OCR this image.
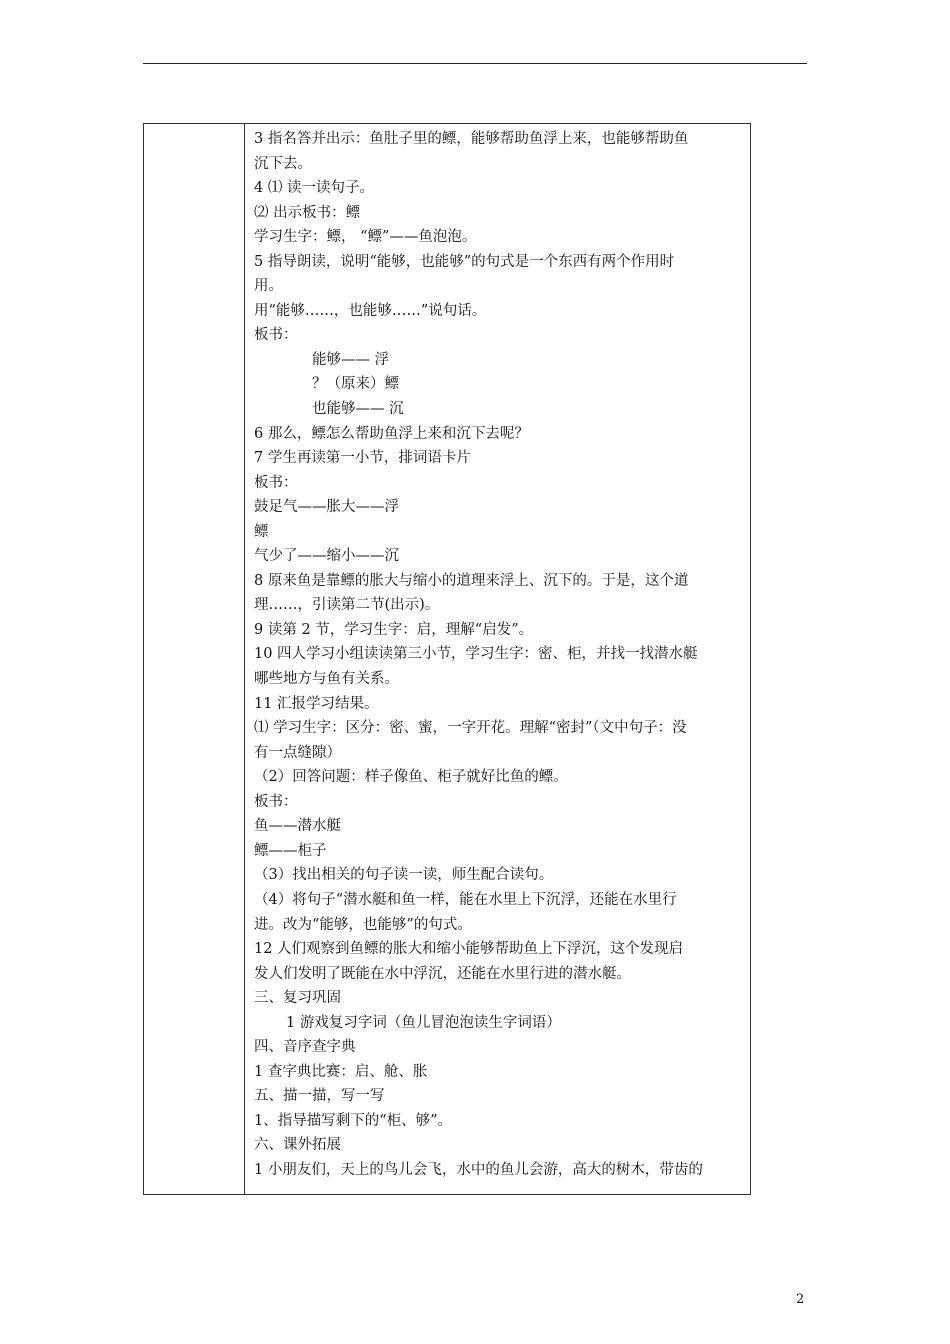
3 指名答并出示：鱼肚子里的鳔，能够帮助鱼浮上来，也能够帮助鱼
沉下去。
4 ⑴ 读一读句子。
⑵ 出示板书：鳔
学习生字：鳔， “鳔”——鱼泡泡。
5 指导朗读，说明“能够，也能够”的句式是一个东西有两个作用时
用。
用“能够……，也能够……”说句话。
板书：
能够—— 浮
？（原来）鳔
也能够—— 沉
6 那么，鳔怎么帮助鱼浮上来和沉下去呢？
7 学生再读第一小节，排词语卡片
板书：
鼓足气——胀大——浮
鳔
气少了——缩小——沉
8 原来鱼是靠鳔的胀大与缩小的道理来浮上、沉下的。于是，这个道
理……，引读第二节(出示)。
9 读第 2 节，学习生字：启，理解“启发”。
10 四人学习小组读读第三小节，学习生字：密、柜，并找一找潜水艇
哪些地方与鱼有关系。
11 汇报学习结果。
⑴ 学习生字：区分：密、蜜，一字开花。理解“密封”（文中句子：没
有一点缝隙）
（2）回答问题：样子像鱼、柜子就好比鱼的鳔。
板书：
鱼——潜水艇
鳔——柜子
（3）找出相关的句子读一读，师生配合读句。
（4）将句子“潜水艇和鱼一样，能在水里上下沉浮，还能在水里行
进。改为“能够，也能够”的句式。
12 人们观察到鱼鳔的胀大和缩小能够帮助鱼上下浮沉，这个发现启
发人们发明了既能在水中浮沉，还能在水里行进的潜水艇。
三、复习巩固
1 游戏复习字词（鱼儿冒泡泡读生字词语）
四、音序查字典
1 查字典比赛：启、舱、胀
五、描一描，写一写
1、指导描写剩下的“柜、够”。
六、课外拓展
1 小朋友们，天上的鸟儿会飞，水中的鱼儿会游，高大的树木，带齿的
2
